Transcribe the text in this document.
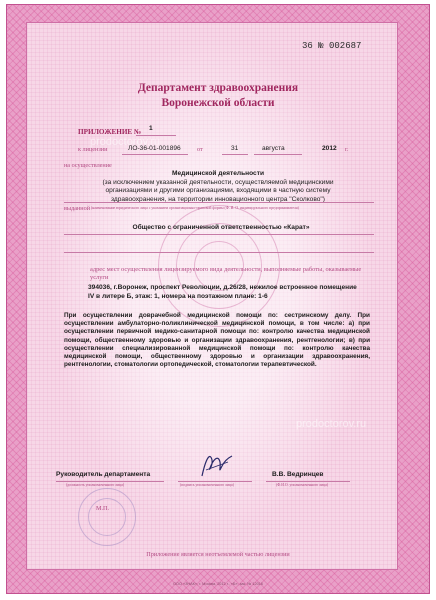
36 № 002687

Департамент здравоохранения

Воронежской области

ПРИЛОЖЕНИЕ № 1

к лицензии	ЛО-36-01-001896	от	31	августа	2012 г.

на осуществление

Медицинской деятельности

(за исключением указанной деятельности, осуществляемой медицинскими организациями и другими организациями, входящими в частную систему здравоохранения, на территории инновационного центра "Сколково")

выданной (наименование юридического лица с указанием организационно-правовой формы (Ф. И. О. индивидуального предпринимателя)

Общество с ограниченной ответственностью «Карат»

адрес мест осуществления лицензируемого вида деятельности, выполняемые работы, оказываемые услуги

394036, г.Воронеж, проспект Революции, д.26/28, нежилое встроенное помещение

IV в литере Б, этаж: 1, номера на поэтажном плане: 1-6

При осуществлении доврачебной медицинской помощи по: сестринскому делу. При осуществлении амбулаторно-поликлинической медицинской помощи, в том числе: а) при осуществлении первичной медико-санитарной помощи по: контролю качества медицинской помощи, общественному здоровью и организации здравоохранения, рентгенологии; в) при осуществлении специализированной медицинской помощи по: контролю качества медицинской помощи, общественному здоровью и организации здравоохранения, рентгенологии, стоматологии ортопедической, стоматологии терапевтической.

prodoctorov.ru

prodoctorov.ru

Руководитель департамента

(должность уполномоченного лица)	(подпись уполномоченного лица)

В.В. Ведринцев

(Ф.И.О. уполномоченного лица)

М.П.

Приложение является неотъемлемой частью лицензии

ООО «ЗНАК», г. Москва, 2012 г., «Б», зак. № 12016
